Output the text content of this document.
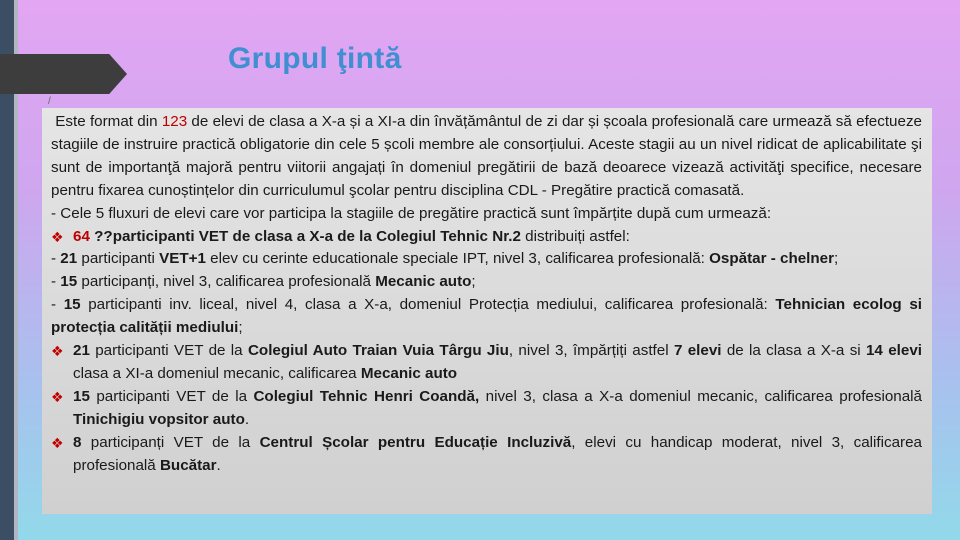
Grupul ţintă
/

Este format din 123 de elevi de clasa a X-a și a XI-a din învățământul de zi dar și școala profesională care urmează să efectueze stagiile de instruire practică obligatorie din cele 5 școli membre ale consorțiului. Aceste stagii au un nivel ridicat de aplicabilitate şi sunt de importanţă majoră pentru viitorii angajați în domeniul pregătirii de bază deoarece vizează activităţi specifice, necesare pentru fixarea cunoștințelor din curriculumul şcolar pentru disciplina CDL - Pregătire practică comasată.

- Cele 5 fluxuri de elevi care vor participa la stagiile de pregătire practică sunt împărțite după cum urmează:

❖ 64 ??participanti VET de clasa a X-a de la Colegiul Tehnic Nr.2 distribuiți astfel:

- 21 participanti VET+1 elev cu cerinte educationale speciale IPT, nivel 3, calificarea profesională: Ospătar - chelner;

- 15 participanți, nivel 3, calificarea profesională Mecanic auto;

- 15 participanti inv. liceal, nivel 4, clasa a X-a, domeniul Protecția mediului, calificarea profesională: Tehnician ecolog si protecția calității mediului;

❖ 21 participanti VET de la Colegiul Auto Traian Vuia Târgu Jiu, nivel 3, împărțiți astfel 7 elevi de la clasa a X-a si 14 elevi clasa a XI-a domeniul mecanic, calificarea Mecanic auto

❖ 15 participanti VET de la Colegiul Tehnic Henri Coandă, nivel 3, clasa a X-a domeniul mecanic, calificarea profesională Tinichigiu vopsitor auto.

❖ 8 participanți VET de la Centrul Școlar pentru Educație Incluzivă, elevi cu handicap moderat, nivel 3, calificarea profesională Bucătar.
